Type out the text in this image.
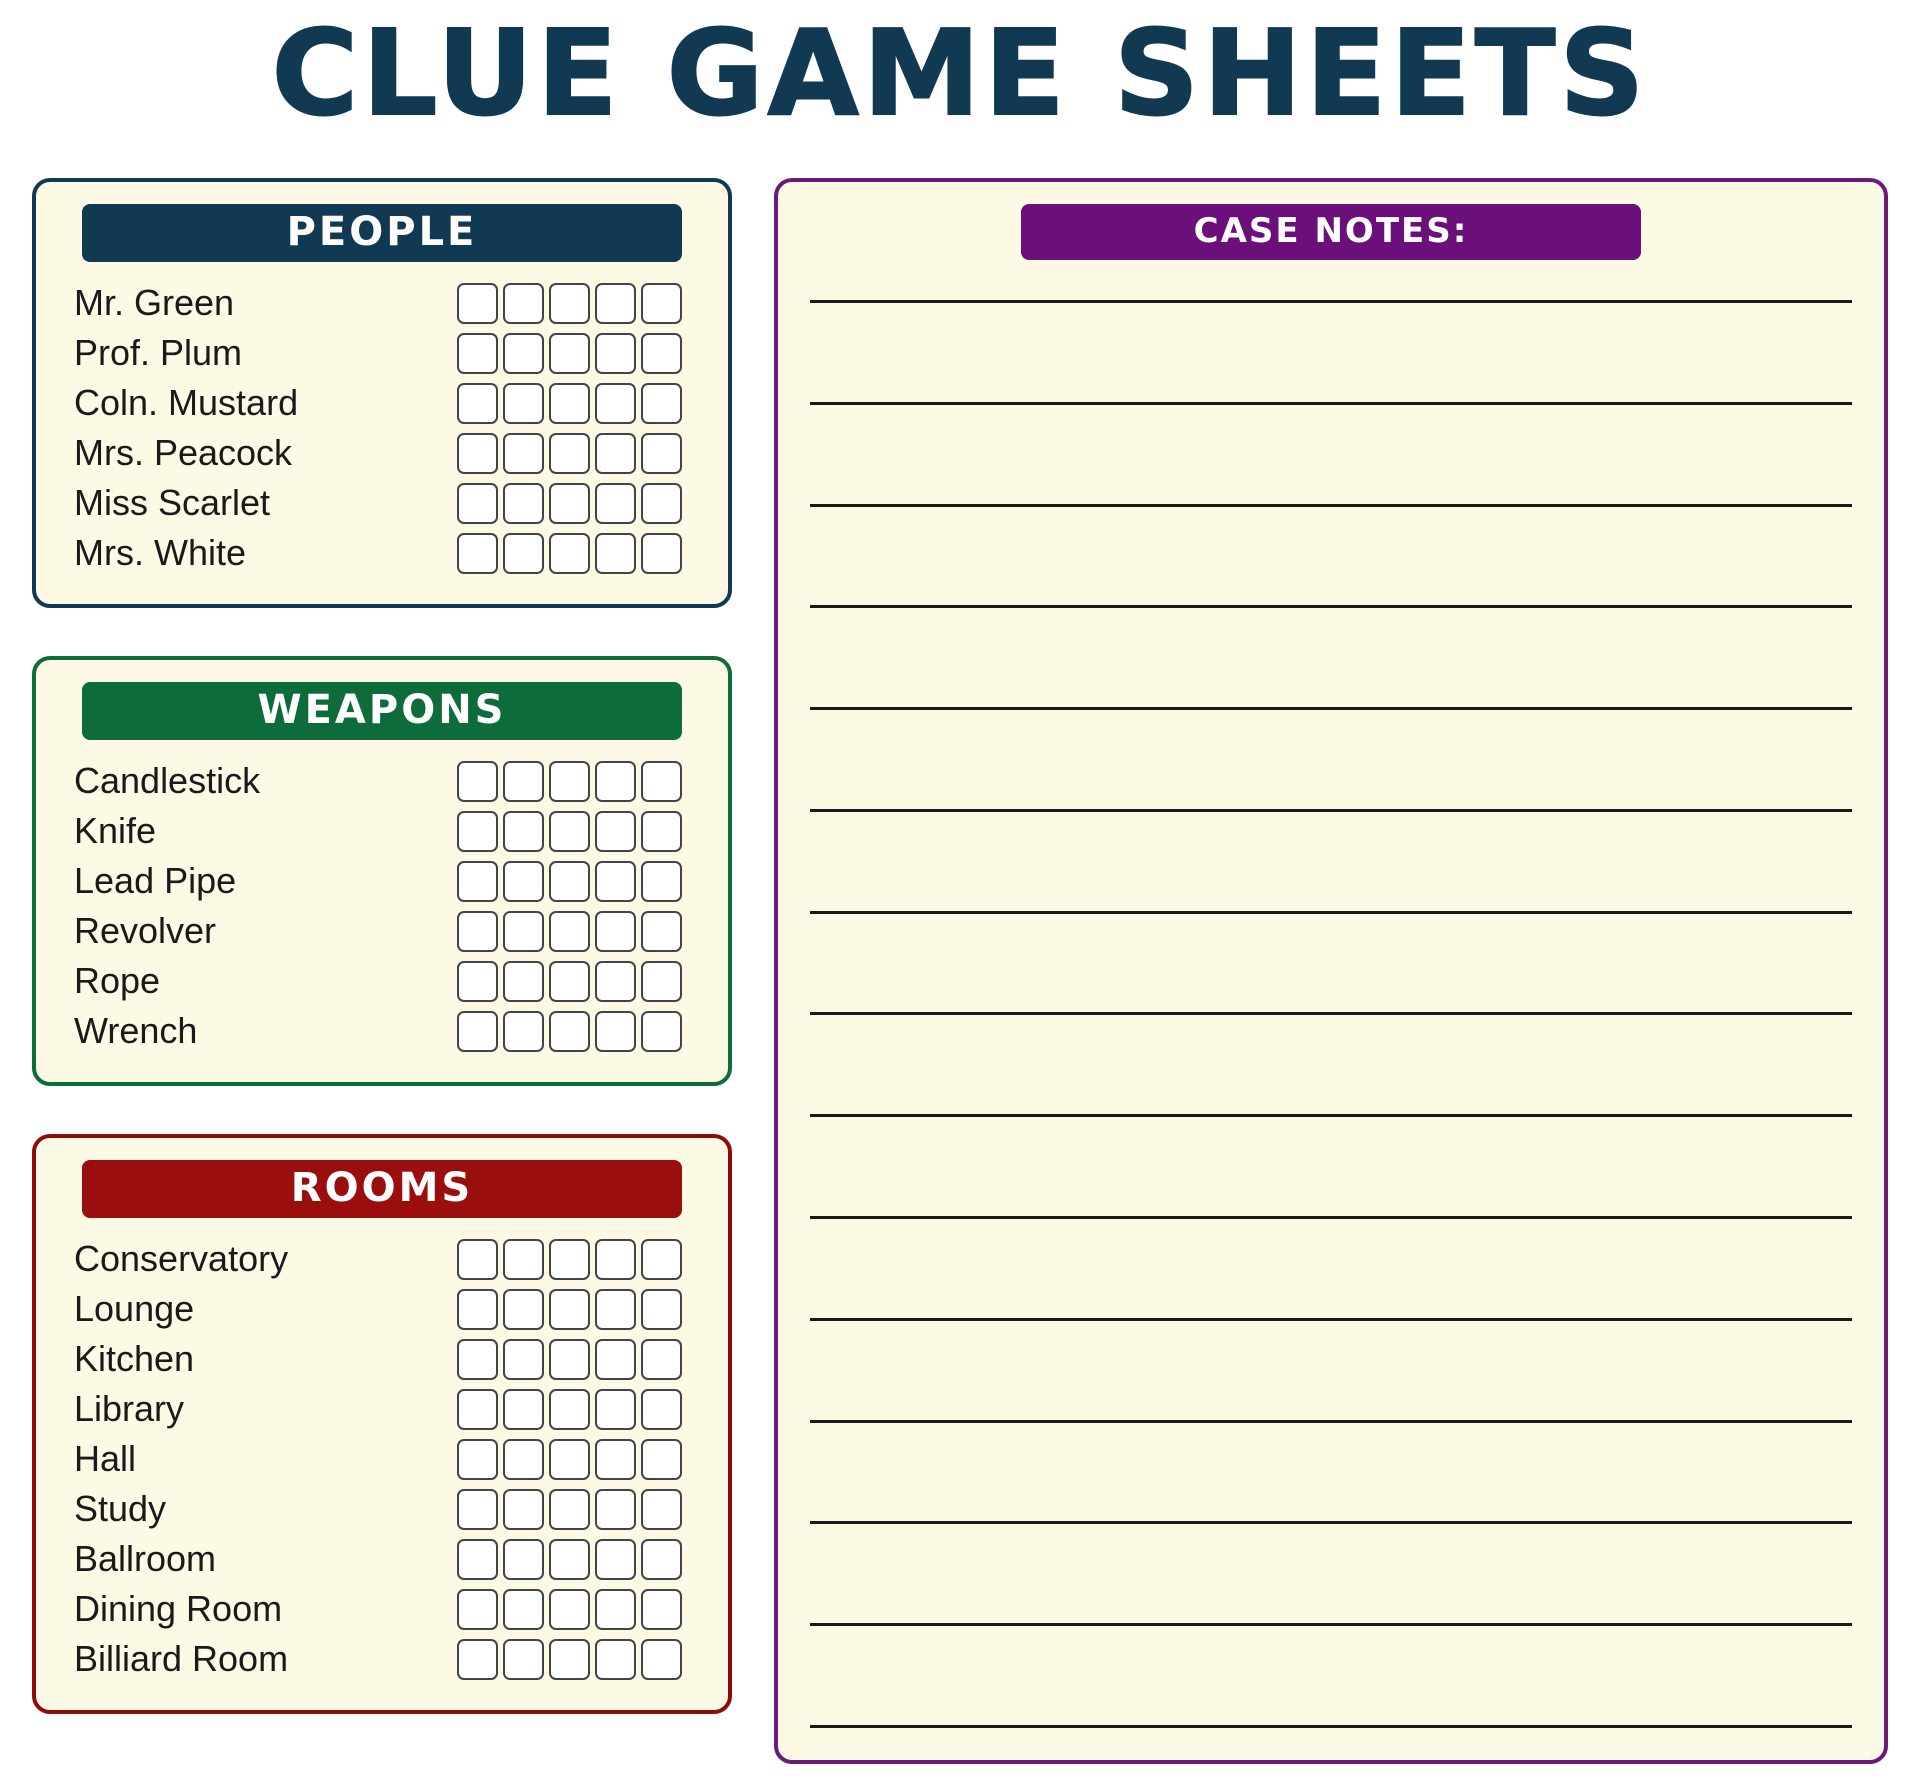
CLUE GAME SHEETS
PEOPLE
Mr. Green
Prof. Plum
Coln. Mustard
Mrs. Peacock
Miss Scarlet
Mrs. White
WEAPONS
Candlestick
Knife
Lead Pipe
Revolver
Rope
Wrench
ROOMS
Conservatory
Lounge
Kitchen
Library
Hall
Study
Ballroom
Dining Room
Billiard Room
CASE NOTES:
